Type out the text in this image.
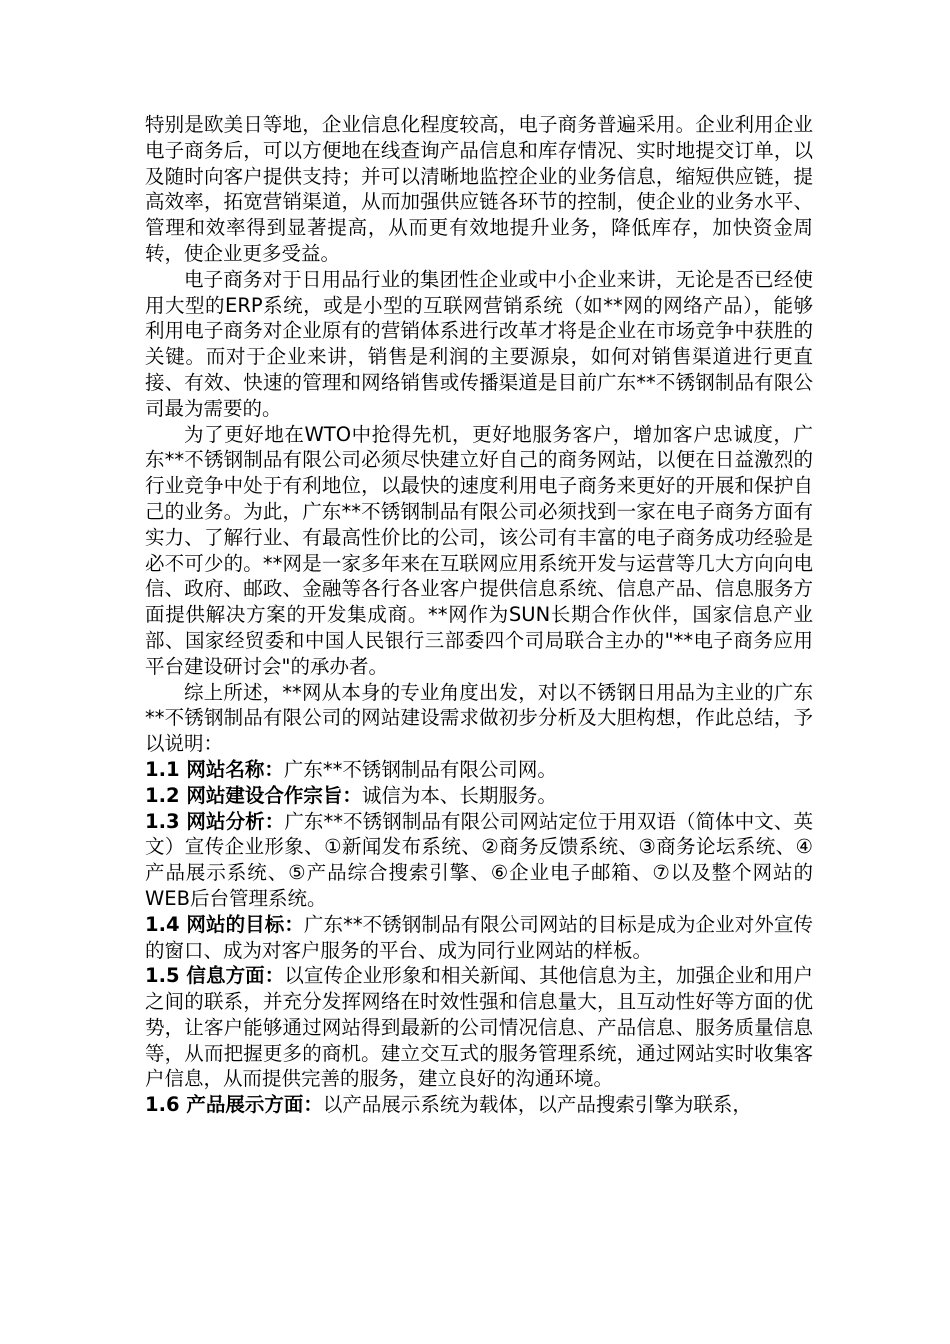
特别是欧美日等地，企业信息化程度较高，电子商务普遍采用。企业利用企业电子商务后，可以方便地在线查询产品信息和库存情况、实时地提交订单，以及随时向客户提供支持；并可以清晰地监控企业的业务信息，缩短供应链，提高效率，拓宽营销渠道，从而加强供应链各环节的控制，使企业的业务水平、管理和效率得到显著提高，从而更有效地提升业务，降低库存，加快资金周转，使企业更多受益。

电子商务对于日用品行业的集团性企业或中小企业来讲，无论是否已经使用大型的ERP系统，或是小型的互联网营销系统（如**网的网络产品），能够利用电子商务对企业原有的营销体系进行改革才将是企业在市场竞争中获胜的关键。而对于企业来讲，销售是利润的主要源泉，如何对销售渠道进行更直接、有效、快速的管理和网络销售或传播渠道是目前广东**不锈钢制品有限公司最为需要的。

为了更好地在WTO中抢得先机，更好地服务客户，增加客户忠诚度，广东**不锈钢制品有限公司必须尽快建立好自己的商务网站，以便在日益激烈的行业竞争中处于有利地位，以最快的速度利用电子商务来更好的开展和保护自己的业务。为此，广东**不锈钢制品有限公司必须找到一家在电子商务方面有实力、了解行业、有最高性价比的公司，该公司有丰富的电子商务成功经验是必不可少的。**网是一家多年来在互联网应用系统开发与运营等几大方向向电信、政府、邮政、金融等各行各业客户提供信息系统、信息产品、信息服务方面提供解决方案的开发集成商。**网作为SUN长期合作伙伴，国家信息产业部、国家经贸委和中国人民银行三部委四个司局联合主办的"**电子商务应用平台建设研讨会"的承办者。

综上所述，**网从本身的专业角度出发，对以不锈钢日用品为主业的广东**不锈钢制品有限公司的网站建设需求做初步分析及大胆构想，作此总结，予以说明：

1.1 网站名称：广东**不锈钢制品有限公司网。

1.2 网站建设合作宗旨：诚信为本、长期服务。

1.3 网站分析：广东**不锈钢制品有限公司网站定位于用双语（简体中文、英文）宣传企业形象、①新闻发布系统、②商务反馈系统、③商务论坛系统、④产品展示系统、⑤产品综合搜索引擎、⑥企业电子邮箱、⑦以及整个网站的WEB后台管理系统。

1.4 网站的目标：广东**不锈钢制品有限公司网站的目标是成为企业对外宣传的窗口、成为对客户服务的平台、成为同行业网站的样板。

1.5 信息方面：以宣传企业形象和相关新闻、其他信息为主，加强企业和用户之间的联系，并充分发挥网络在时效性强和信息量大，且互动性好等方面的优势，让客户能够通过网站得到最新的公司情况信息、产品信息、服务质量信息等，从而把握更多的商机。建立交互式的服务管理系统，通过网站实时收集客户信息，从而提供完善的服务，建立良好的沟通环境。

1.6 产品展示方面：以产品展示系统为载体，以产品搜索引擎为联系，
